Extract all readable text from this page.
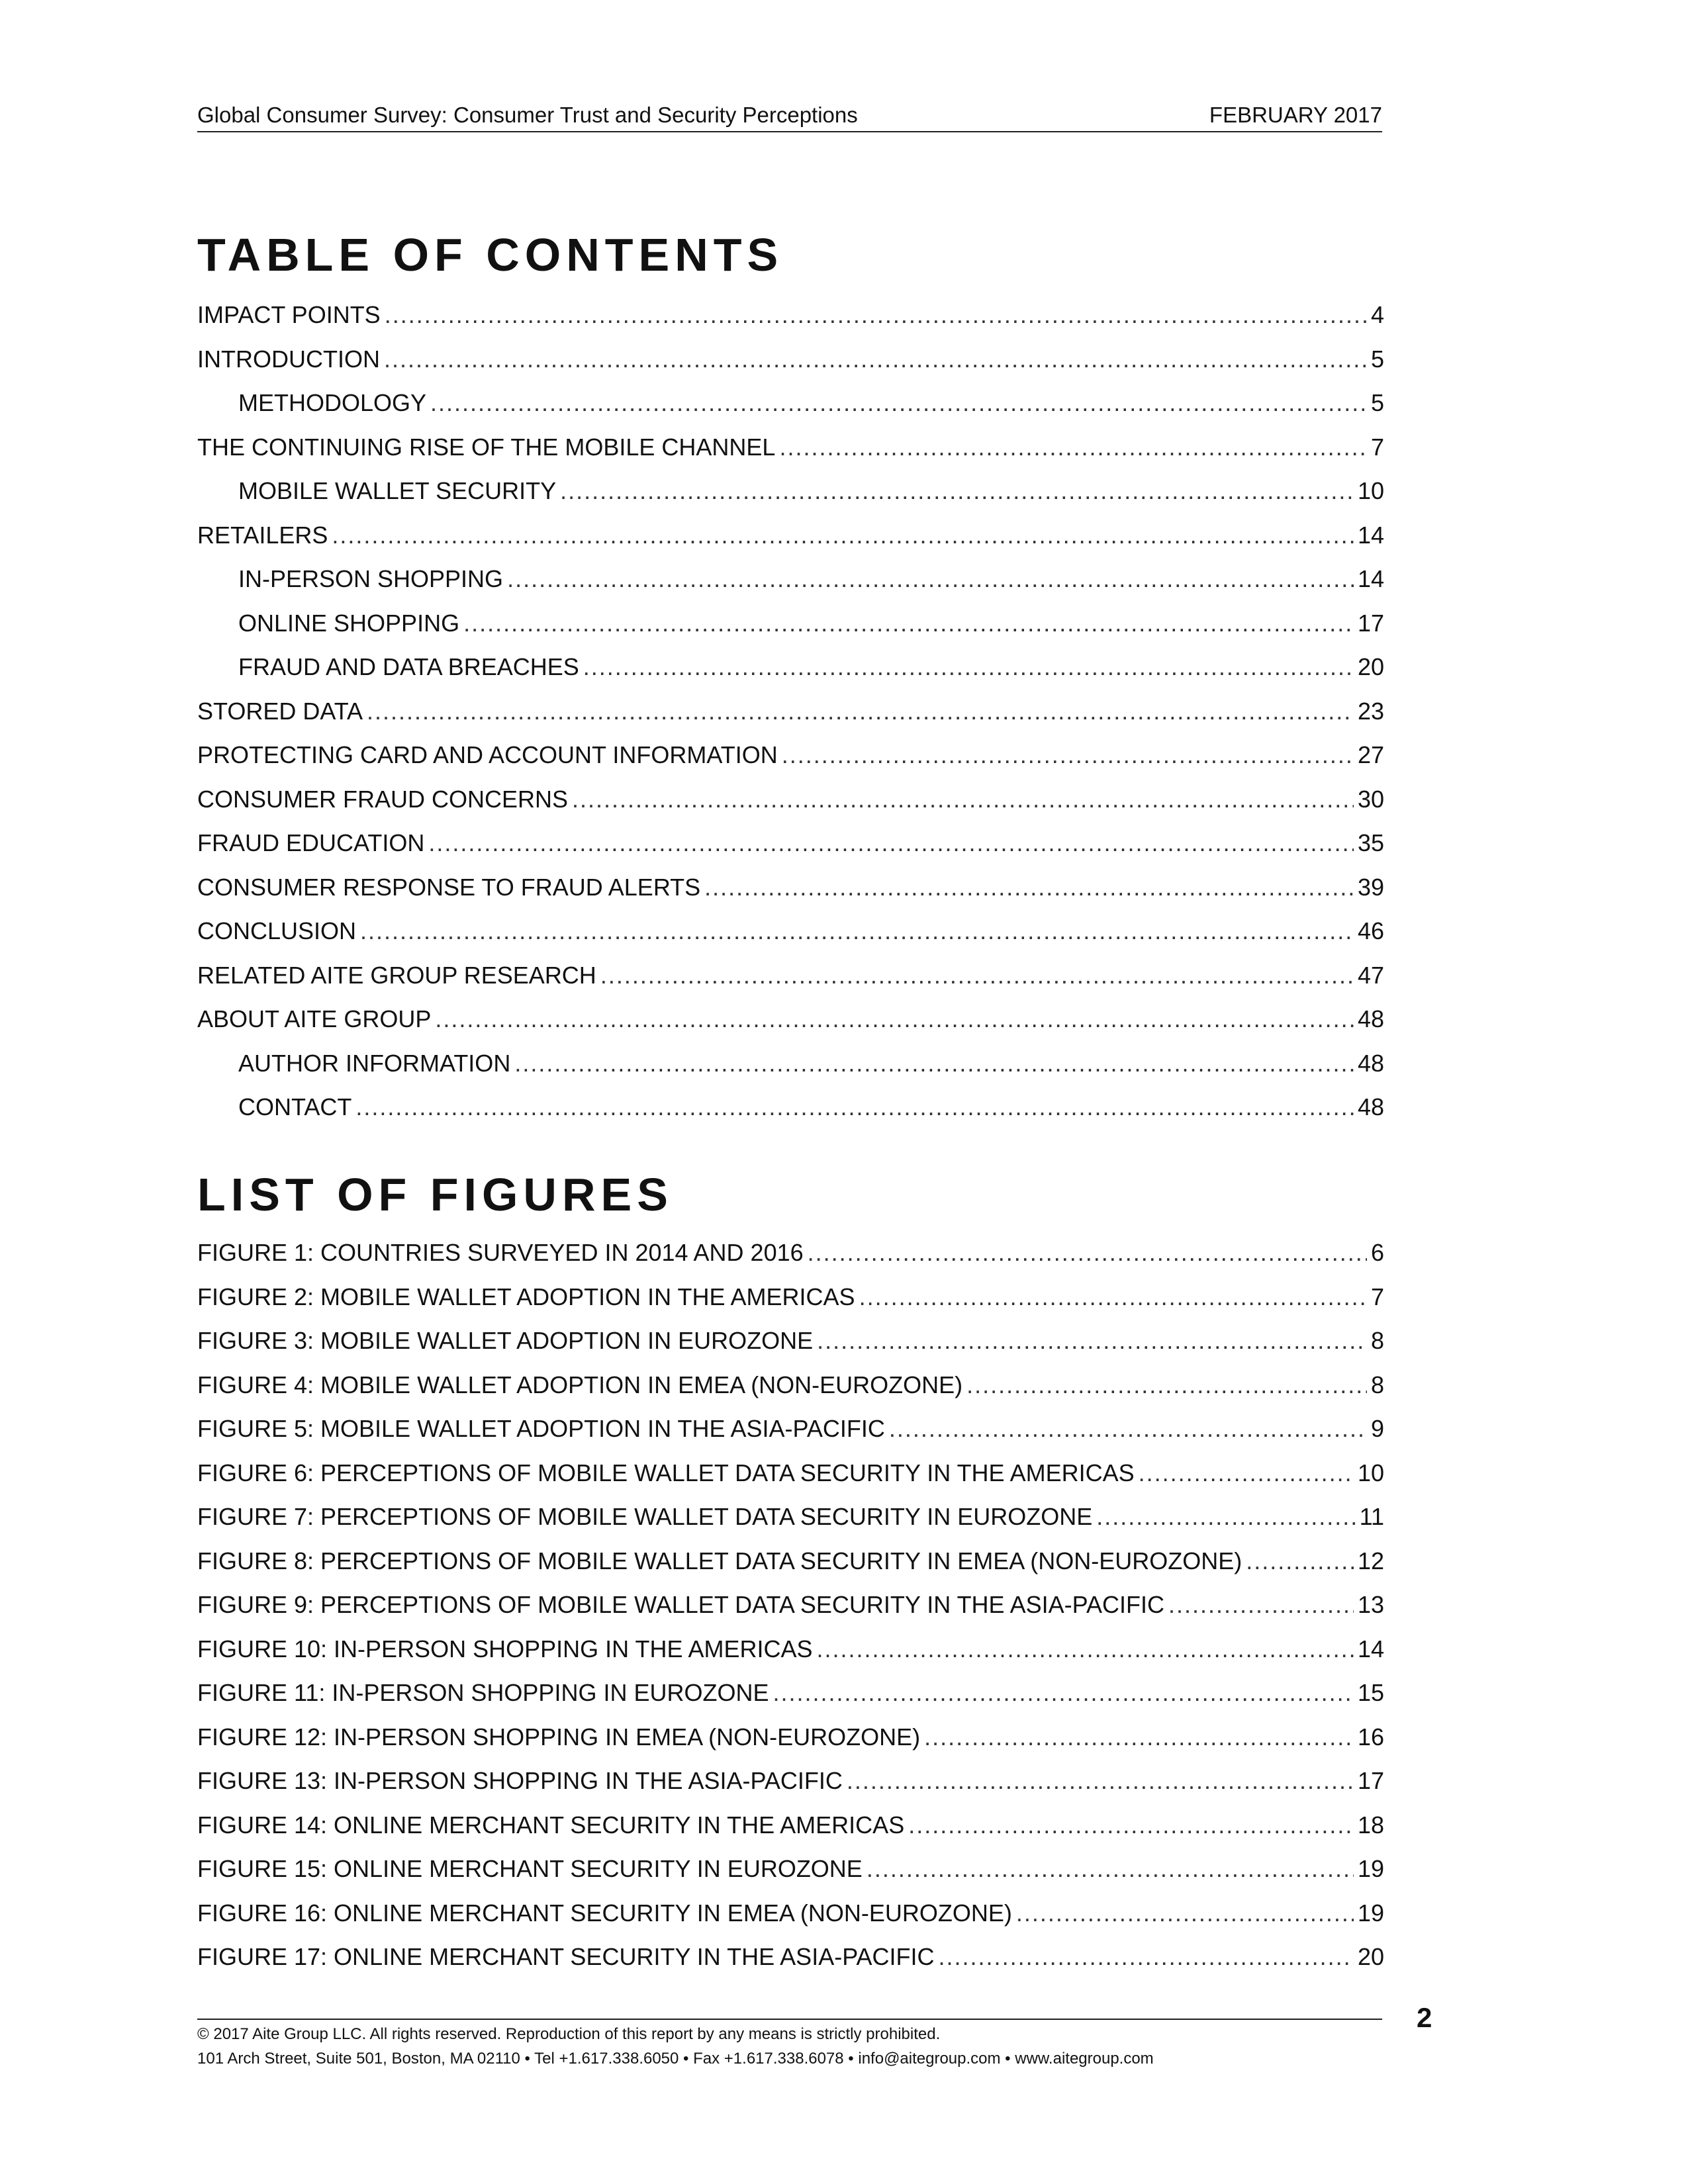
Global Consumer Survey: Consumer Trust and Security Perceptions	FEBRUARY 2017
TABLE OF CONTENTS
IMPACT POINTS .....	4
INTRODUCTION .....	5
METHODOLOGY .....	5
THE CONTINUING RISE OF THE MOBILE CHANNEL .....	7
MOBILE WALLET SECURITY .....	10
RETAILERS .....	14
IN-PERSON SHOPPING .....	14
ONLINE SHOPPING .....	17
FRAUD AND DATA BREACHES .....	20
STORED DATA .....	23
PROTECTING CARD AND ACCOUNT INFORMATION .....	27
CONSUMER FRAUD CONCERNS .....	30
FRAUD EDUCATION .....	35
CONSUMER RESPONSE TO FRAUD ALERTS .....	39
CONCLUSION .....	46
RELATED AITE GROUP RESEARCH .....	47
ABOUT AITE GROUP .....	48
AUTHOR INFORMATION .....	48
CONTACT .....	48
LIST OF FIGURES
FIGURE 1: COUNTRIES SURVEYED IN 2014 AND 2016 .....	6
FIGURE 2: MOBILE WALLET ADOPTION IN THE AMERICAS .....	7
FIGURE 3: MOBILE WALLET ADOPTION IN EUROZONE .....	8
FIGURE 4: MOBILE WALLET ADOPTION IN EMEA (NON-EUROZONE) .....	8
FIGURE 5: MOBILE WALLET ADOPTION IN THE ASIA-PACIFIC .....	9
FIGURE 6: PERCEPTIONS OF MOBILE WALLET DATA SECURITY IN THE AMERICAS .....	10
FIGURE 7: PERCEPTIONS OF MOBILE WALLET DATA SECURITY IN EUROZONE .....	11
FIGURE 8: PERCEPTIONS OF MOBILE WALLET DATA SECURITY IN EMEA (NON-EUROZONE) .....	12
FIGURE 9: PERCEPTIONS OF MOBILE WALLET DATA SECURITY IN THE ASIA-PACIFIC .....	13
FIGURE 10: IN-PERSON SHOPPING IN THE AMERICAS .....	14
FIGURE 11: IN-PERSON SHOPPING IN EUROZONE .....	15
FIGURE 12: IN-PERSON SHOPPING IN EMEA (NON-EUROZONE) .....	16
FIGURE 13: IN-PERSON SHOPPING IN THE ASIA-PACIFIC .....	17
FIGURE 14: ONLINE MERCHANT SECURITY IN THE AMERICAS .....	18
FIGURE 15: ONLINE MERCHANT SECURITY IN EUROZONE .....	19
FIGURE 16: ONLINE MERCHANT SECURITY IN EMEA (NON-EUROZONE) .....	19
FIGURE 17: ONLINE MERCHANT SECURITY IN THE ASIA-PACIFIC .....	20
2
© 2017 Aite Group LLC. All rights reserved. Reproduction of this report by any means is strictly prohibited.
101 Arch Street, Suite 501, Boston, MA 02110 • Tel +1.617.338.6050 • Fax +1.617.338.6078 • info@aitegroup.com • www.aitegroup.com
